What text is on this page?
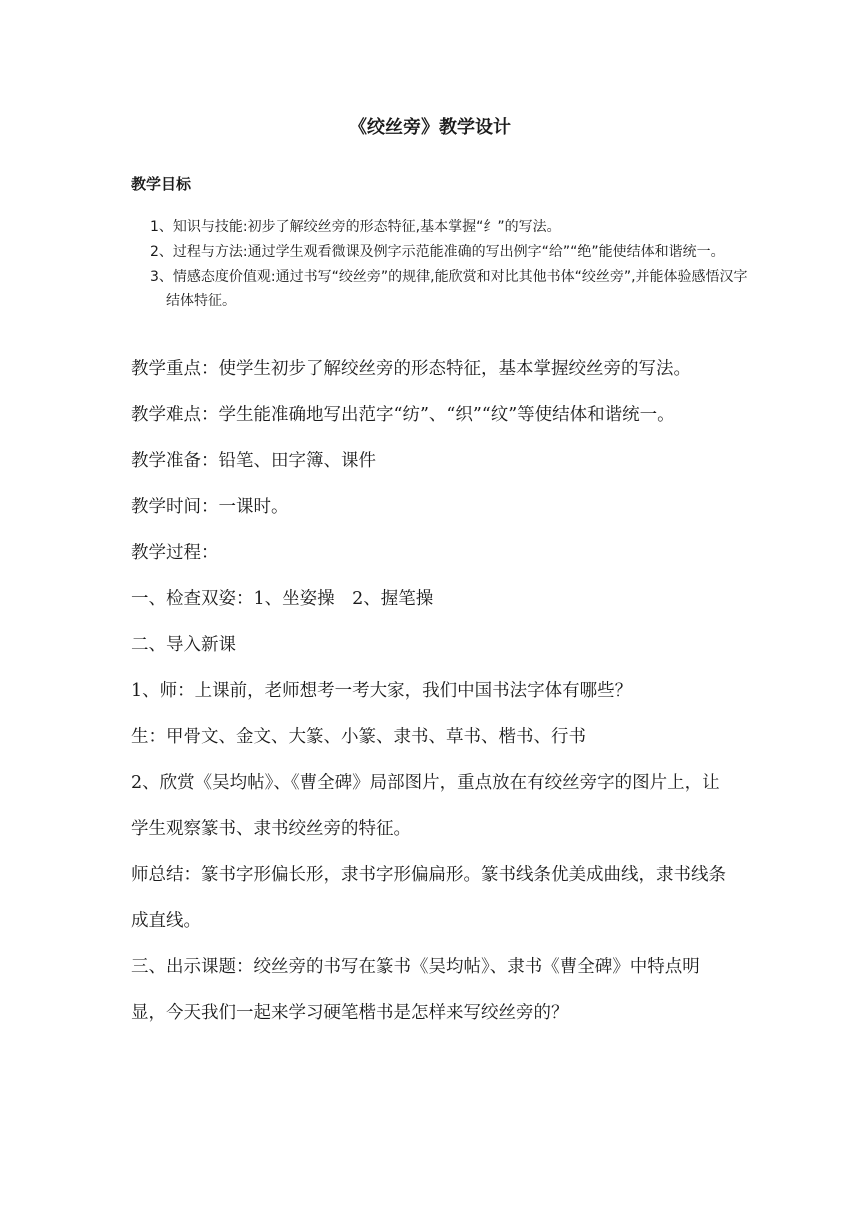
《绞丝旁》教学设计
教学目标
1、知识与技能:初步了解绞丝旁的形态特征,基本掌握“纟”的写法。
2、过程与方法:通过学生观看微课及例字示范能准确的写出例字“给”“绝”能使结体和谐统一。
3、情感态度价值观:通过书写“绞丝旁”的规律,能欣赏和对比其他书体“绞丝旁”,并能体验感悟汉字结体特征。

教学重点：使学生初步了解绞丝旁的形态特征，基本掌握绞丝旁的写法。

教学难点：学生能准确地写出范字“纺”、“织”“纹”等使结体和谐统一。

教学准备：铅笔、田字簿、课件

教学时间：一课时。

教学过程：

一、检查双姿：1、坐姿操　2、握笔操

二、导入新课

1、师：上课前，老师想考一考大家，我们中国书法字体有哪些？

生：甲骨文、金文、大篆、小篆、隶书、草书、楷书、行书

2、欣赏《吴均帖》、《曹全碑》局部图片，重点放在有绞丝旁字的图片上，让学生观察篆书、隶书绞丝旁的特征。

师总结：篆书字形偏长形，隶书字形偏扁形。篆书线条优美成曲线，隶书线条成直线。

三、出示课题：绞丝旁的书写在篆书《吴均帖》、隶书《曹全碑》中特点明显，今天我们一起来学习硬笔楷书是怎样来写绞丝旁的？
